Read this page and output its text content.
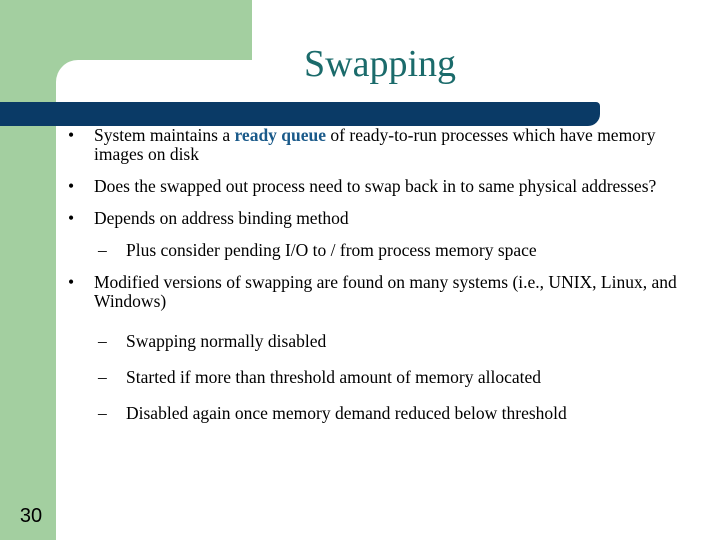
Swapping
• System maintains a ready queue of ready-to-run processes which have memory images on disk
• Does the swapped out process need to swap back in to same physical addresses?
• Depends on address binding method
– Plus consider pending I/O to / from process memory space
• Modified versions of swapping are found on many systems (i.e., UNIX, Linux, and Windows)
– Swapping normally disabled
– Started if more than threshold amount of memory allocated
– Disabled again once memory demand reduced below threshold
30
